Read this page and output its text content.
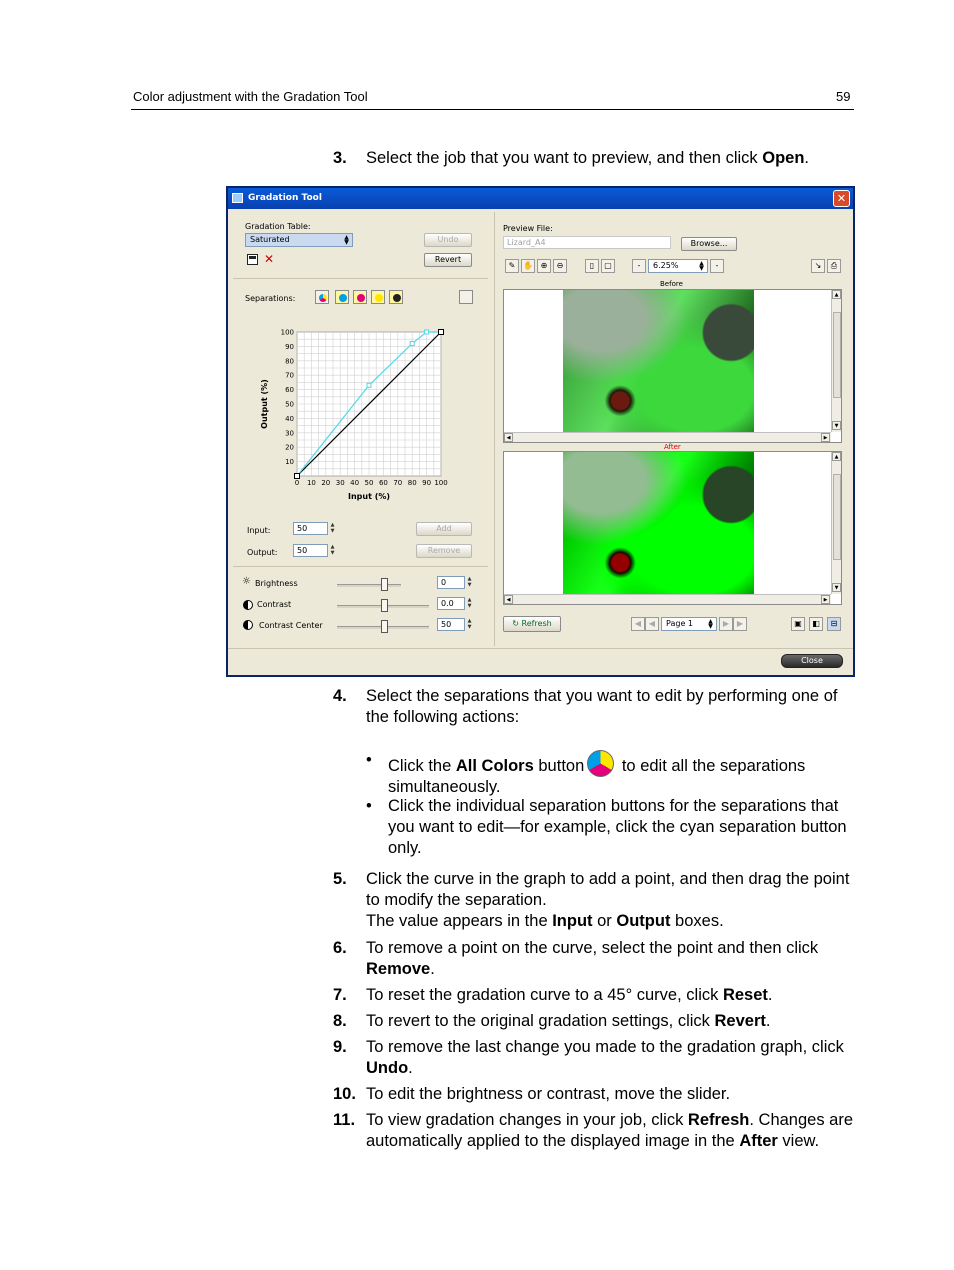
Color adjustment with the Gradation Tool	59
3. Select the job that you want to preview, and then click Open.
Gradation Tool	✕
Gradation Table:
Saturated	▲
▼	Undo
Revert
✕
Separations:
0 10 20 30 40 50 60 70 80 90 100
10
20
30
40
50
60
70
80
90
100
Input (%)
Output (%)
Input:	50	▲
▼	Add
Output:	50	▲
▼	Remove
☼ Brightness	0	▲
▼
Contrast	0.0	▲
▼
Contrast Center	50	▲
▼
Preview File:
Lizard_A4	Browse...
✎ ✋ ⊕	⊖	▯	▢	-	6.25%	▲
▼	-	↘	⎙
Before
▲
▼
◀	▶
After
▲
▼
◀	▶
↻ Refresh	◀ ◀	Page 1	▲
▼	▶ ▶	▣	◧	⊟
Close
4. Select the separations that you want to edit by performing one of the following actions:
• Click the All Colors button to edit all the separations simultaneously.
• Click the individual separation buttons for the separations that you want to edit—for example, click the cyan separation button only.
5. Click the curve in the graph to add a point, and then drag the point to modify the separation.
The value appears in the Input or Output boxes.
6. To remove a point on the curve, select the point and then click Remove.
7. To reset the gradation curve to a 45° curve, click Reset.
8. To revert to the original gradation settings, click Revert.
9. To remove the last change you made to the gradation graph, click Undo.
10. To edit the brightness or contrast, move the slider.
11. To view gradation changes in your job, click Refresh. Changes are automatically applied to the displayed image in the After view.
